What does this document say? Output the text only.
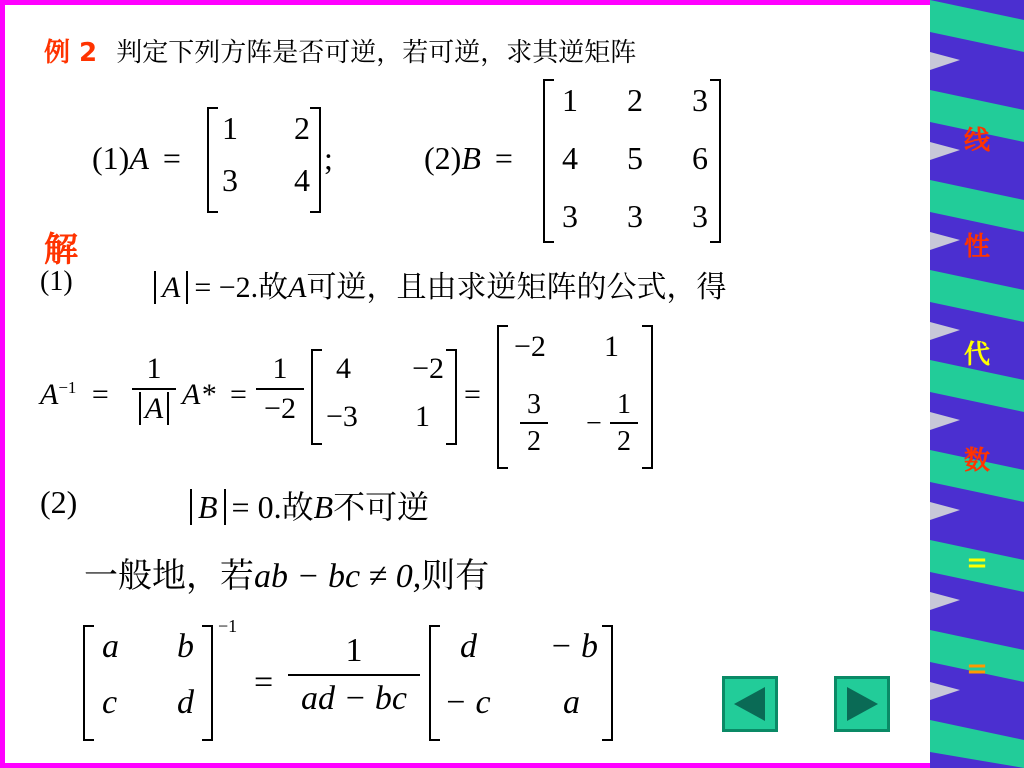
例 2 判定下列方阵是否可逆，若可逆，求其逆矩阵
(1)A =
1 2
3 4
;	(2)B =
1 2 3
4 5 6
3 3 3
解
(1)	A = −2.故A可逆，且由求逆矩阵的公式，得
$A^{-1}$ =
1
A $A* = \frac{1}{-2} 4 -2$
−3 1
=
−2 1
$\frac{3}{2} - \frac{1}{2}$
(2)	B = 0.故B不可逆
一般地，若ab − bc ≠ 0,则有
a b
c d
−1
= $\frac{1}{ad - bc}$ d − b
− c a
线
性
代
数
=
=
